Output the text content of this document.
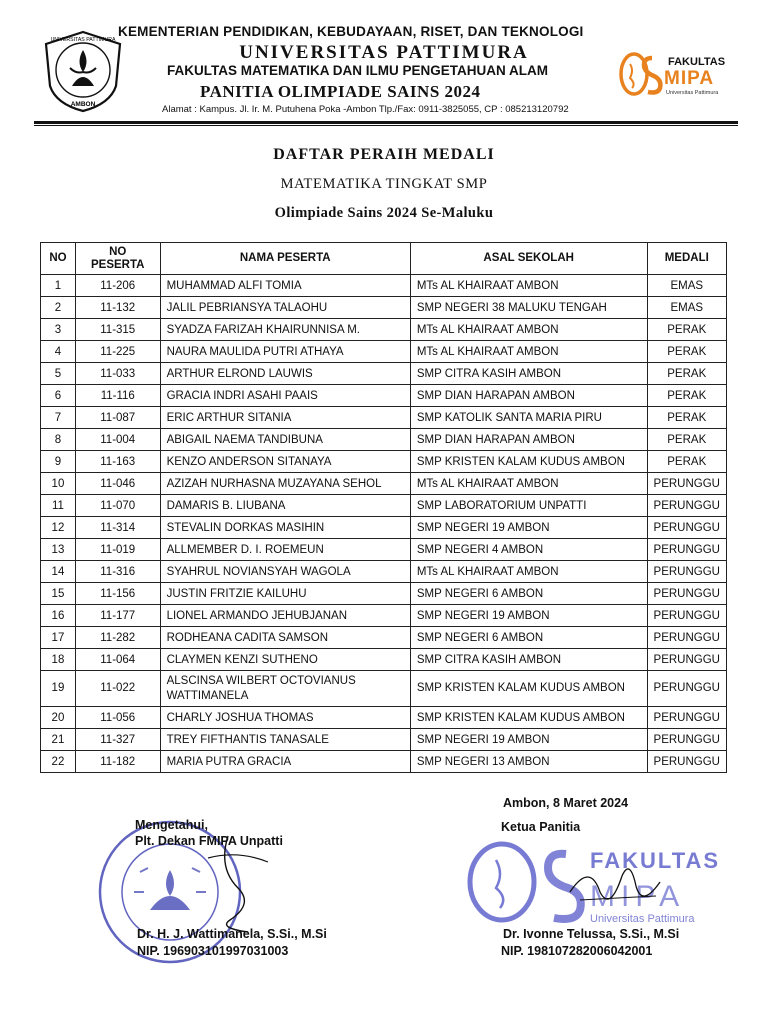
AMBON
UNIVERSITAS PATTIMURA
FAKULTAS
MIPA
Universitas Pattimura
KEMENTERIAN PENDIDIKAN, KEBUDAYAAN, RISET, DAN TEKNOLOGI
UNIVERSITAS PATTIMURA
FAKULTAS MATEMATIKA DAN ILMU PENGETAHUAN ALAM
PANITIA OLIMPIADE SAINS 2024
Alamat : Kampus. Jl. Ir. M. Putuhena Poka -Ambon Tlp./Fax: 0911-3825055, CP : 085213120792
DAFTAR PERAIH MEDALI
MATEMATIKA TINGKAT SMP
Olimpiade Sains 2024 Se-Maluku
NO	NO PESERTA	NAMA PESERTA	ASAL SEKOLAH	MEDALI
1	11-206	MUHAMMAD ALFI TOMIA	MTs AL KHAIRAAT AMBON	EMAS
2	11-132	JALIL PEBRIANSYA TALAOHU	SMP NEGERI 38 MALUKU TENGAH	EMAS
3	11-315	SYADZA FARIZAH KHAIRUNNISA M.	MTs AL KHAIRAAT AMBON	PERAK
4	11-225	NAURA MAULIDA PUTRI ATHAYA	MTs AL KHAIRAAT AMBON	PERAK
5	11-033	ARTHUR ELROND LAUWIS	SMP CITRA KASIH AMBON	PERAK
6	11-116	GRACIA INDRI ASAHI PAAIS	SMP DIAN HARAPAN AMBON	PERAK
7	11-087	ERIC ARTHUR SITANIA	SMP KATOLIK SANTA MARIA PIRU	PERAK
8	11-004	ABIGAIL NAEMA TANDIBUNA	SMP DIAN HARAPAN AMBON	PERAK
9	11-163	KENZO ANDERSON SITANAYA	SMP KRISTEN KALAM KUDUS AMBON	PERAK
10	11-046	AZIZAH NURHASNA MUZAYANA SEHOL	MTs AL KHAIRAAT AMBON	PERUNGGU
11	11-070	DAMARIS B. LIUBANA	SMP LABORATORIUM UNPATTI	PERUNGGU
12	11-314	STEVALIN DORKAS MASIHIN	SMP NEGERI 19 AMBON	PERUNGGU
13	11-019	ALLMEMBER D. I. ROEMEUN	SMP NEGERI 4 AMBON	PERUNGGU
14	11-316	SYAHRUL NOVIANSYAH WAGOLA	MTs AL KHAIRAAT AMBON	PERUNGGU
15	11-156	JUSTIN FRITZIE KAILUHU	SMP NEGERI 6 AMBON	PERUNGGU
16	11-177	LIONEL ARMANDO JEHUBJANAN	SMP NEGERI 19 AMBON	PERUNGGU
17	11-282	RODHEANA CADITA SAMSON	SMP NEGERI 6 AMBON	PERUNGGU
18	11-064	CLAYMEN KENZI SUTHENO	SMP CITRA KASIH AMBON	PERUNGGU
19	11-022	ALSCINSA WILBERT OCTOVIANUS WATTIMANELA	SMP KRISTEN KALAM KUDUS AMBON	PERUNGGU
20	11-056	CHARLY JOSHUA THOMAS	SMP KRISTEN KALAM KUDUS AMBON	PERUNGGU
21	11-327	TREY FIFTHANTIS TANASALE	SMP NEGERI 19 AMBON	PERUNGGU
22	11-182	MARIA PUTRA GRACIA	SMP NEGERI 13 AMBON	PERUNGGU
FAKULTAS
MIPA
Universitas Pattimura
Ambon, 8 Maret 2024
Ketua Panitia
Dr. Ivonne Telussa, S.Si., M.Si
NIP. 198107282006042001
Mengetahui,
Plt. Dekan FMIPA Unpatti
Dr. H. J. Wattimanela, S.Si., M.Si
NIP. 196903101997031003
